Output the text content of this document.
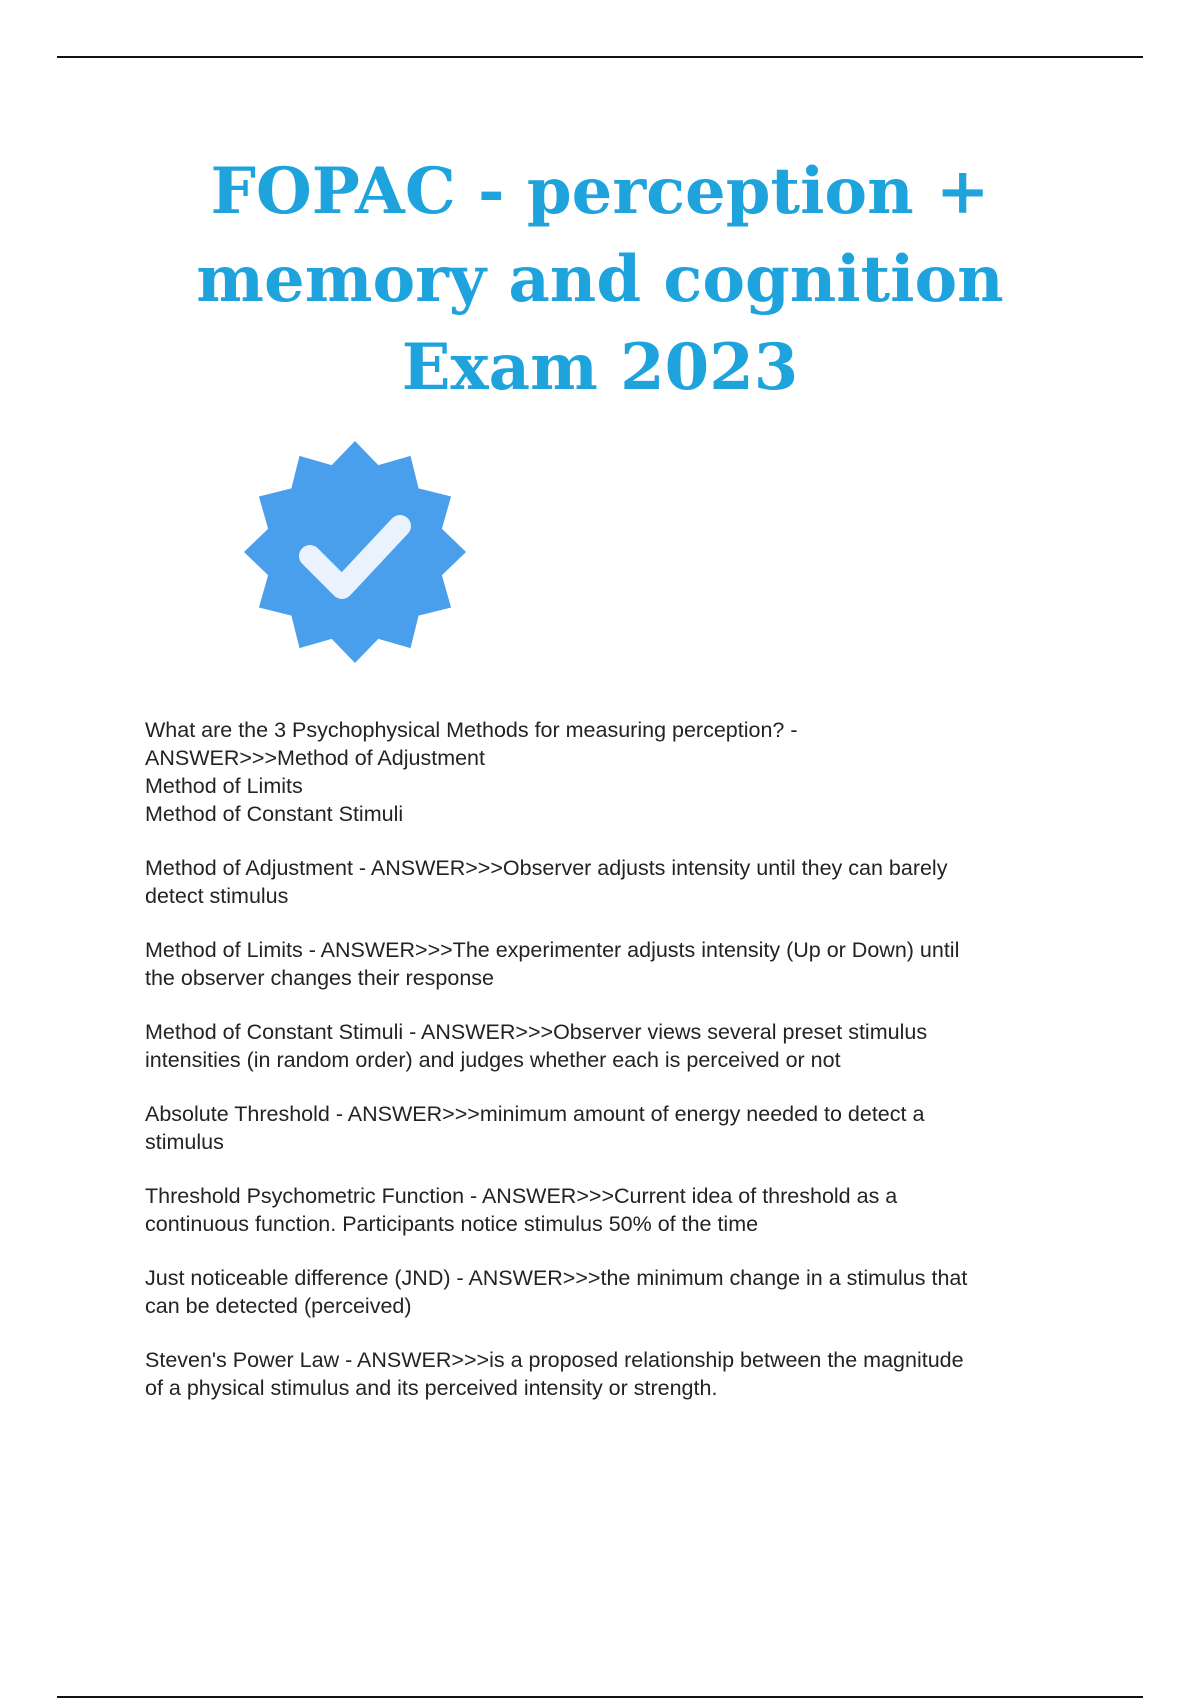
FOPAC - perception +
memory and cognition
Exam 2023

What are the 3 Psychophysical Methods for measuring perception? -
ANSWER>>>Method of Adjustment
Method of Limits
Method of Constant Stimuli

Method of Adjustment - ANSWER>>>Observer adjusts intensity until they can barely
detect stimulus

Method of Limits - ANSWER>>>The experimenter adjusts intensity (Up or Down) until
the observer changes their response

Method of Constant Stimuli - ANSWER>>>Observer views several preset stimulus
intensities (in random order) and judges whether each is perceived or not

Absolute Threshold - ANSWER>>>minimum amount of energy needed to detect a
stimulus

Threshold Psychometric Function - ANSWER>>>Current idea of threshold as a
continuous function. Participants notice stimulus 50% of the time

Just noticeable difference (JND) - ANSWER>>>the minimum change in a stimulus that
can be detected (perceived)

Steven's Power Law - ANSWER>>>is a proposed relationship between the magnitude
of a physical stimulus and its perceived intensity or strength.
